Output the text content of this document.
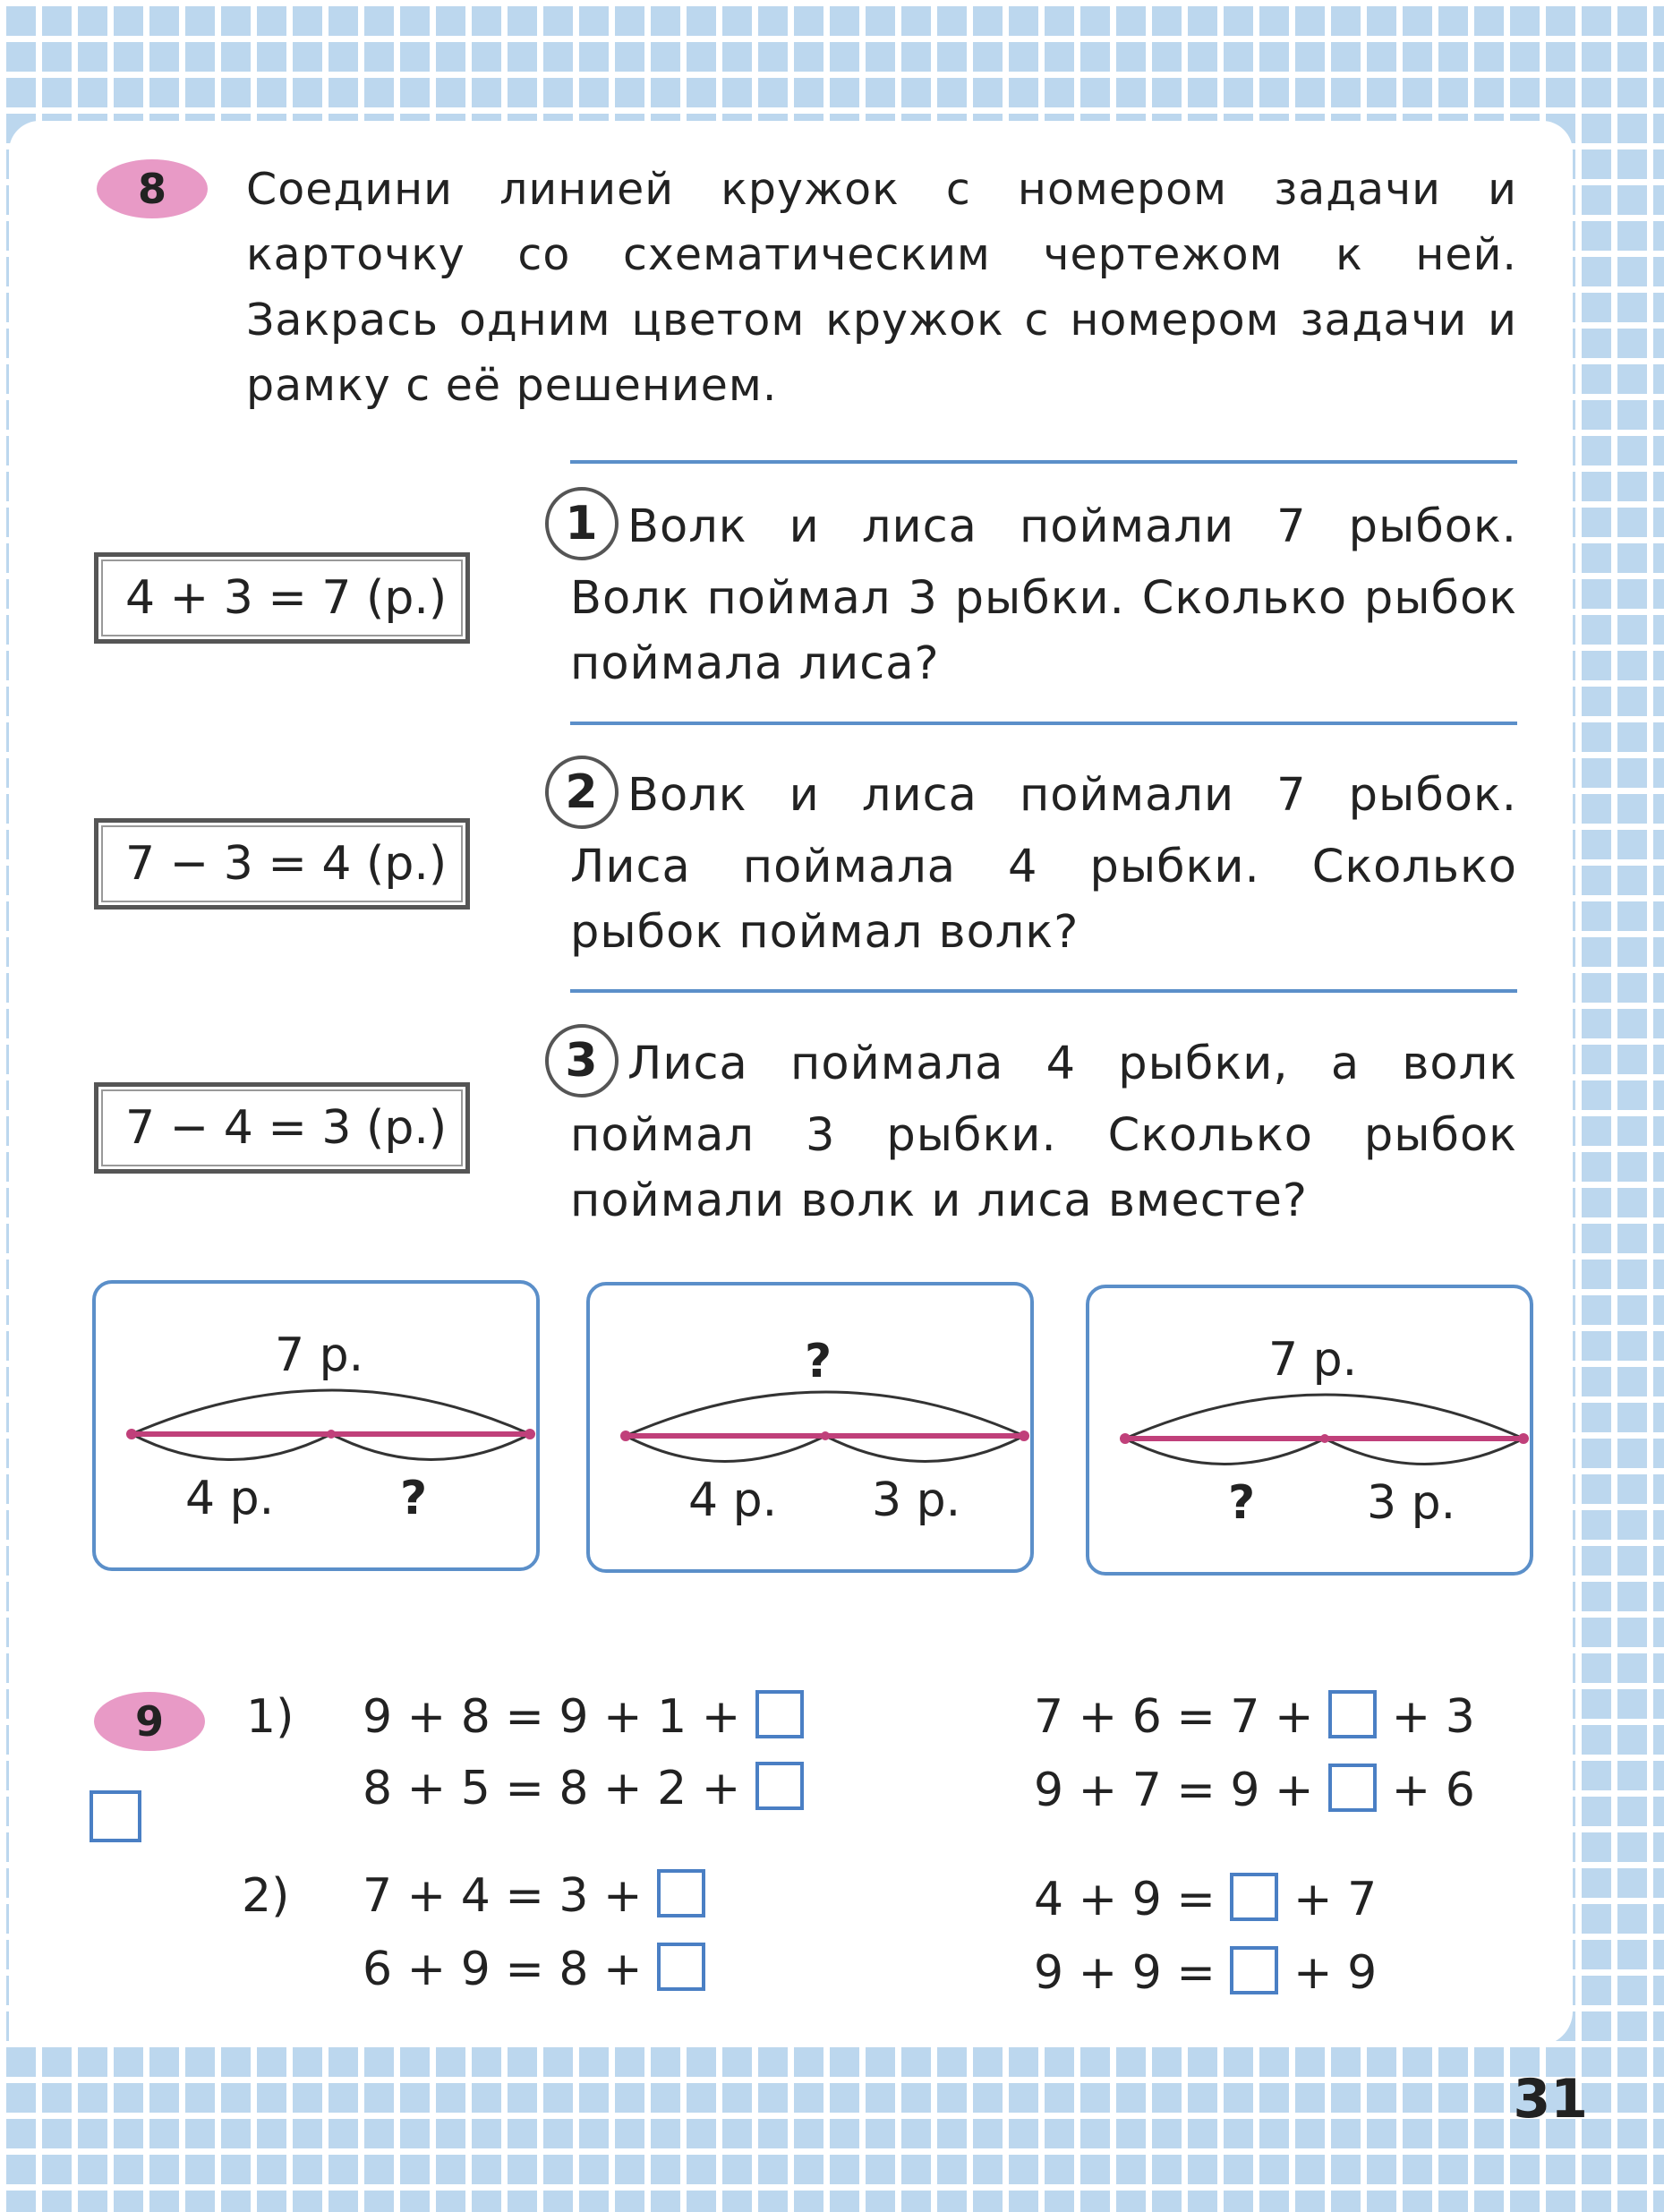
8 Соедини линией кружок с номером задачи и карточку со схематическим чертежом к ней. Закрась одним цветом кружок с номером задачи и рамку с её решением.
4 + 3 = 7 (р.)
7 − 3 = 4 (р.)
7 − 4 = 3 (р.)
1 Волк и лиса поймали 7 рыбок. Волк поймал 3 рыбки. Сколько рыбок поймала лиса?
2 Волк и лиса поймали 7 рыбок. Лиса поймала 4 рыбки. Сколько рыбок поймал волк?
3 Лиса поймала 4 рыбки, а волк поймал 3 рыбки. Сколько рыбок поймали волк и лиса вместе?
7 р.
4 р.	?
?
4 р. 3 р.
7 р.
? 3 р.
9 1)
2)
9 + 8 = 9 + 1 +
8 + 5 = 8 + 2 +
7 + 6 = 7 + + 3
9 + 7 = 9 + + 6
7 + 4 = 3 +
6 + 9 = 8 +
4 + 9 = + 7
9 + 9 = + 9
31
